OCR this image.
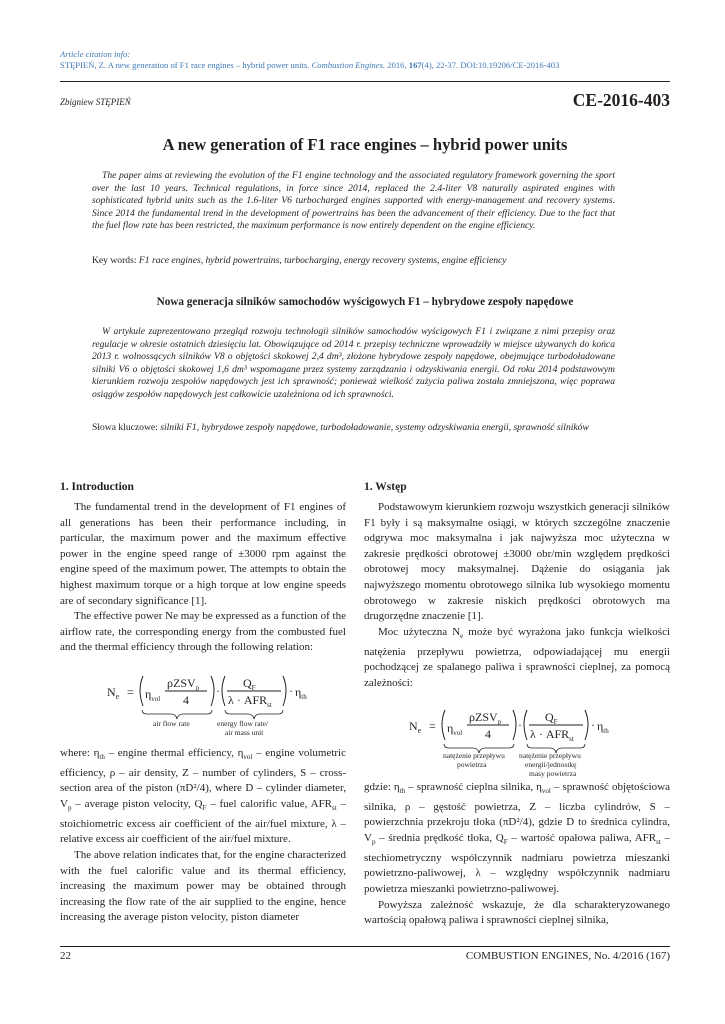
Article citation info:
STĘPIEŃ, Z. A new generation of F1 race engines – hybrid power units. Combustion Engines. 2016, 167(4), 22-37. DOI:10.19206/CE-2016-403
Zbigniew STĘPIEŃ	CE-2016-403
A new generation of F1 race engines – hybrid power units
The paper aims at reviewing the evolution of the F1 engine technology and the associated regulatory framework governing the sport over the last 10 years. Technical regulations, in force since 2014, replaced the 2.4-liter V8 naturally aspirated engines with sophisticated hybrid units such as the 1.6-liter V6 turbocharged engines supported with energy-management and recovery systems. Since 2014 the fundamental trend in the development of powertrains has been the advancement of their efficiency. Due to the fact that the fuel flow rate has been restricted, the maximum performance is now entirely dependent on the engine efficiency.
Key words: F1 race engines, hybrid powertrains, turbocharging, energy recovery systems, engine efficiency
Nowa generacja silników samochodów wyścigowych F1 – hybrydowe zespoły napędowe
W artykule zaprezentowano przegląd rozwoju technologii silników samochodów wyścigowych F1 i związane z nimi przepisy oraz regulacje w okresie ostatnich dziesięciu lat. Obowiązujące od 2014 r. przepisy techniczne wprowadziły w miejsce używanych do końca 2013 r. wolnossących silników V8 o objętości skokowej 2,4 dm³, złożone hybrydowe zespoły napędowe, obejmujące turbodoładowane silniki V6 o objętości skokowej 1,6 dm³ wspomagane przez systemy zarządzania i odzyskiwania energii. Od roku 2014 podstawowym kierunkiem rozwoju zespołów napędowych jest ich sprawność; ponieważ wielkość zużycia paliwa została zmniejszona, więc poprawa osiągów zespołów napędowych jest całkowicie uzależniona od ich sprawności.
Słowa kluczowe: silniki F1, hybrydowe zespoły napędowe, turbodoładowanie, systemy odzyskiwania energii, sprawność silników
1. Introduction

The fundamental trend in the development of F1 engines of all generations has been their performance including, in particular, the maximum power and the maximum effective power in the engine speed range of ±3000 rpm against the engine speed of the maximum power. The attempts to obtain the highest maximum torque or a high torque at low engine speeds are of secondary significance [1].

The effective power Ne may be expressed as a function of the airflow rate, the corresponding energy from the combusted fuel and the thermal efficiency through the following relation:

$N_e = \eta_{vol}$
ρZSV$_p$
4
·
$Q_F$
$\lambda \cdot AFR_{st}$
· $\eta_{th}$
air flow rate	energy flow rate/
air mass unit
where: $\eta_{th}$ – engine thermal efficiency, $\eta_{vol}$ – engine volumetric efficiency, ρ – air density, Z – number of cylinders, S – cross-section area of the piston (πD²/4), where D – cylinder diameter, $V_p$ – average piston velocity, $Q_F$ – fuel calorific value, $AFR_{st}$ – stoichiometric excess air coefficient of the air/fuel mixture, λ – relative excess air coefficient of the air/fuel mixture.

The above relation indicates that, for the engine characterized with the fuel calorific value and its thermal efficiency, increasing the maximum power may be obtained through increasing the flow rate of the air supplied to the engine, hence increasing the average piston velocity, piston diameter

1. Wstęp

Podstawowym kierunkiem rozwoju wszystkich generacji silników F1 były i są maksymalne osiągi, w których szczególne znaczenie odgrywa moc maksymalna i jak najwyższa moc użyteczna w zakresie prędkości obrotowej ±3000 obr/min względem prędkości obrotowej mocy maksymalnej. Dążenie do osiągania jak najwyższego momentu obrotowego silnika lub wysokiego momentu obrotowego w zakresie niskich prędkości obrotowych ma drugorzędne znaczenie [1].

Moc użyteczna $N_e$ może być wyrażona jako funkcja wielkości natężenia przepływu powietrza, odpowiadającej mu energii pochodzącej ze spalanego paliwa i sprawności cieplnej, za pomocą zależności:

$N_e = \eta_{vol}$
ρZSV$_p$
4
·
$Q_F$
$\lambda \cdot AFR_{st}$
· $\eta_{th}$
natężenie przepływu
powietrza
natężenie przepływu
energii/jednostkę
masy powietrza
gdzie: $\eta_{th}$ – sprawność cieplna silnika, $\eta_{vol}$ – sprawność objętościowa silnika, ρ – gęstość powietrza, Z – liczba cylindrów, S – powierzchnia przekroju tłoka (πD²/4), gdzie D to średnica cylindra, $V_p$ – średnia prędkość tłoka, $Q_F$ – wartość opałowa paliwa, $AFR_{st}$ – stechiometryczny współczynnik nadmiaru powietrza mieszanki powietrzno-paliwowej, λ – względny współczynnik nadmiaru powietrza mieszanki powietrzno-paliwowej.

Powyższa zależność wskazuje, że dla scharakteryzowanego wartością opałową paliwa i sprawności cieplnej silnika,

22	COMBUSTION ENGINES, No. 4/2016 (167)
